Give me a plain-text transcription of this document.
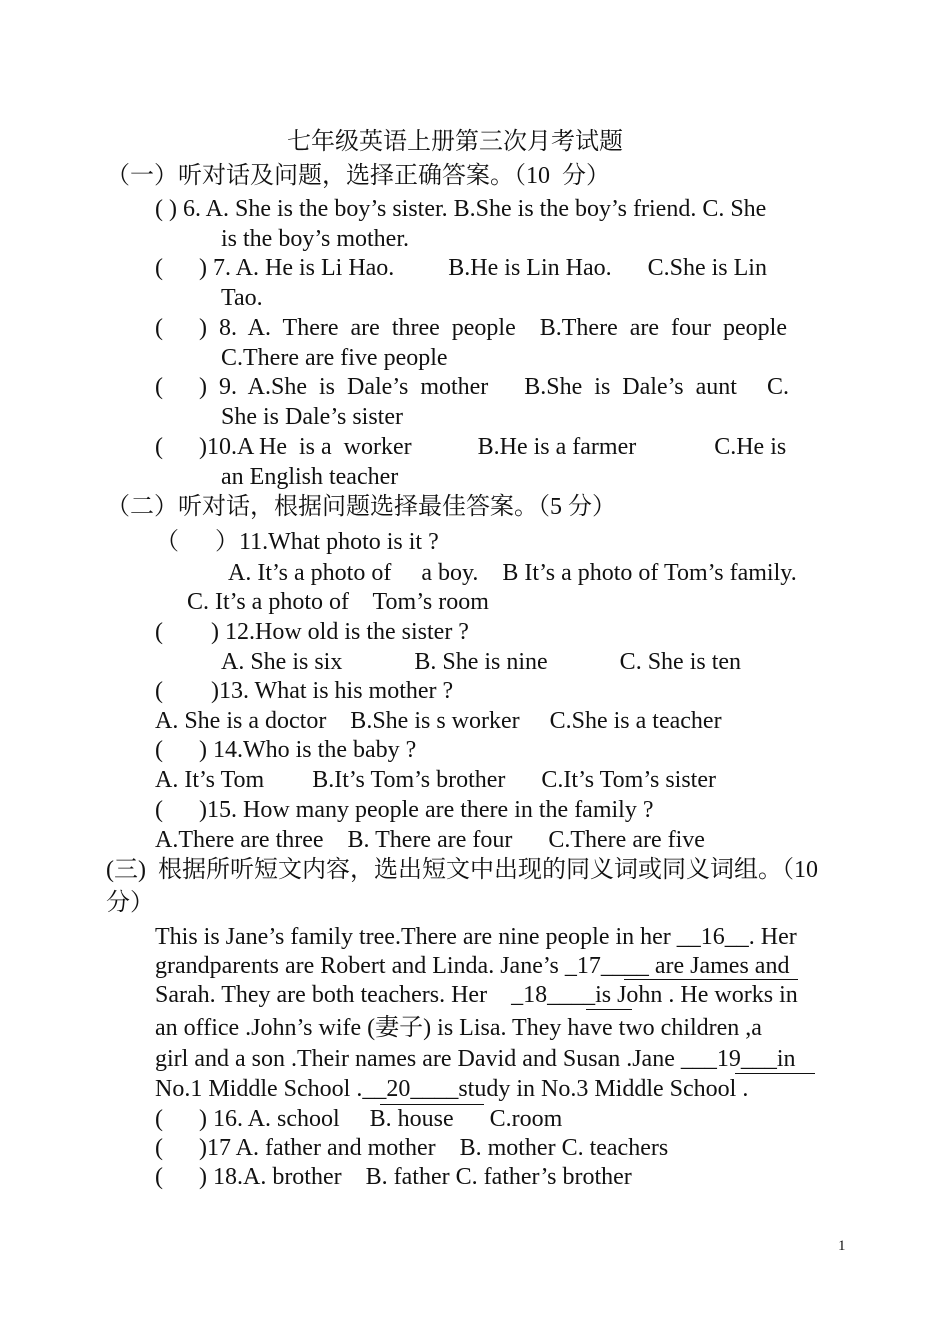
七年级英语上册第三次月考试题
（一）听对话及问题，选择正确答案。（10  分）
( ) 6. A. She is the boy’s sister. B.She is the boy’s friend. C. She
is the boy’s mother.
(      ) 7. A. He is Li Hao.         B.He is Lin Hao.      C.She is Lin
Tao.
(      )  8.  A.  There  are  three  people    B.There  are  four  people
C.There are five people
(      )  9.  A.She  is  Dale’s  mother      B.She  is  Dale’s  aunt     C.
She is Dale’s sister
(      )10.A He  is a  worker           B.He is a farmer             C.He is
an English teacher
（二）听对话，根据问题选择最佳答案。（5 分）
（      ）11.What photo is it ?
A. It’s a photo of     a boy.    B It’s a photo of Tom’s family.
C. It’s a photo of    Tom’s room
(        ) 12.How old is the sister ?
A. She is six            B. She is nine            C. She is ten
(        )13. What is his mother ?
A. She is a doctor    B.She is s worker     C.She is a teacher
(      ) 14.Who is the baby ?
A. It’s Tom        B.It’s Tom’s brother      C.It’s Tom’s sister
(      )15. How many people are there in the family ?
A.There are three    B. There are four      C.There are five
(三)  根据所听短文内容，选出短文中出现的同义词或同义词组。（10
分）
This is Jane’s family tree.There are nine people in her __16__. Her
grandparents are Robert and Linda. Jane’s _17____ are James and
Sarah. They are both teachers. Her    _18____is John . He works in
an office .John’s wife (妻子) is Lisa. They have two children ,a
girl and a son .Their names are David and Susan .Jane ___19___in
No.1 Middle School .__20____study in No.3 Middle School .
(      ) 16. A. school     B. house      C.room
(      )17 A. father and mother    B. mother C. teachers
(      ) 18.A. brother    B. father C. father’s brother
1
